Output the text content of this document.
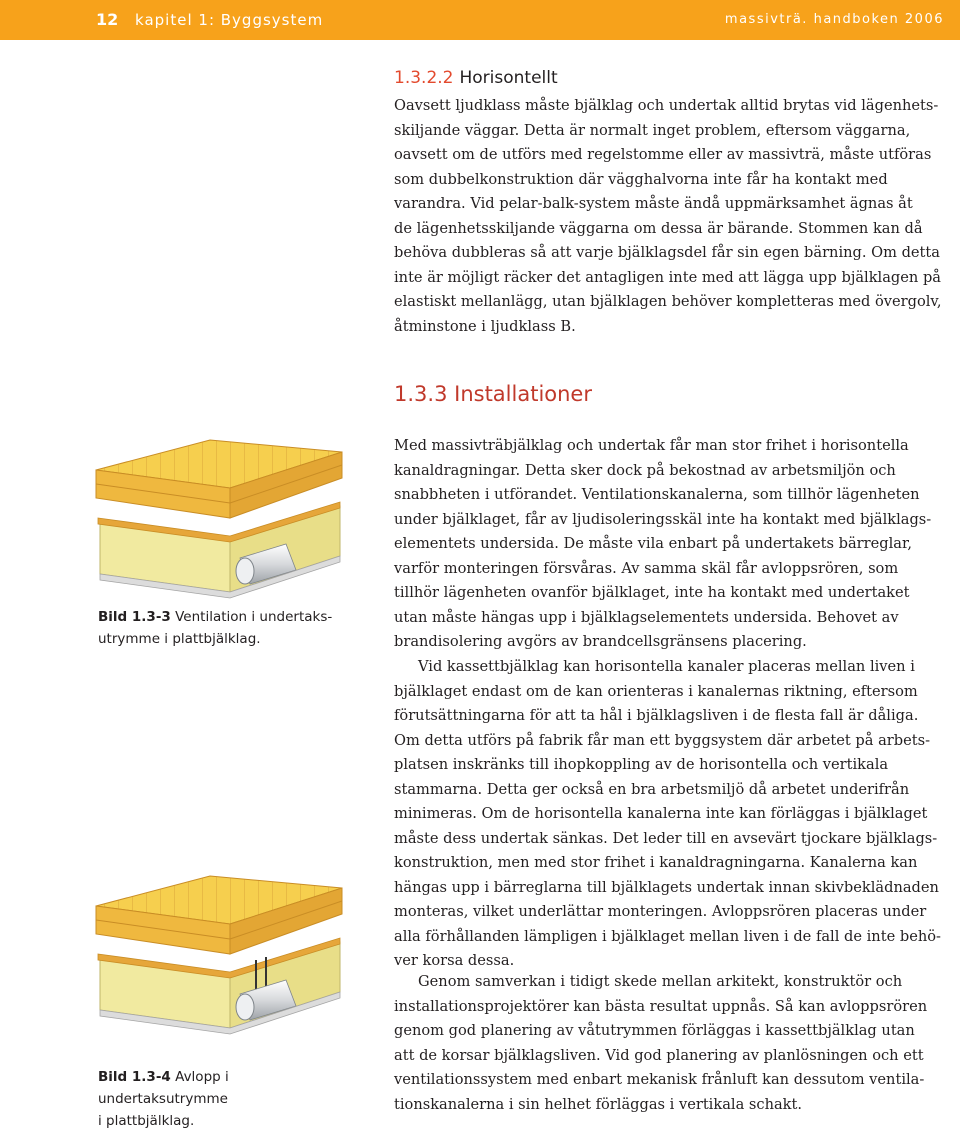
12 kapitel 1: Byggsystem	massivträ. handboken 2006
1.3.2.2 Horisontellt

Oavsett ljudklass måste bjälklag och undertak alltid brytas vid lägenhets-
skiljande väggar. Detta är normalt inget problem, eftersom väggarna,
oavsett om de utförs med regelstomme eller av massivträ, måste utföras
som dubbelkonstruktion där vägghalvorna inte får ha kontakt med
varandra. Vid pelar-balk-system måste ändå uppmärksamhet ägnas åt
de lägenhetsskiljande väggarna om dessa är bärande. Stommen kan då
behöva dubbleras så att varje bjälklagsdel får sin egen bärning. Om detta
inte är möjligt räcker det antagligen inte med att lägga upp bjälklagen på
elastiskt mellanlägg, utan bjälklagen behöver kompletteras med övergolv,
åtminstone i ljudklass B.

1.3.3 Installationer

Med massivträbjälklag och undertak får man stor frihet i horisontella
kanaldragningar. Detta sker dock på bekostnad av arbetsmiljön och
snabbheten i utförandet. Ventilationskanalerna, som tillhör lägenheten
under bjälklaget, får av ljudisoleringsskäl inte ha kontakt med bjälklags-
elementets undersida. De måste vila enbart på undertakets bärreglar,
varför monteringen försvåras. Av samma skäl får avloppsrören, som
tillhör lägenheten ovanför bjälklaget, inte ha kontakt med undertaket
utan måste hängas upp i bjälklagselementets undersida. Behovet av
brandisolering avgörs av brandcellsgränsens placering.

Vid kassettbjälklag kan horisontella kanaler placeras mellan liven i
bjälklaget endast om de kan orienteras i kanalernas riktning, eftersom
förutsättningarna för att ta hål i bjälklagsliven i de flesta fall är dåliga.
Om detta utförs på fabrik får man ett byggsystem där arbetet på arbets-
platsen inskränks till ihopkoppling av de horisontella och vertikala
stammarna. Detta ger också en bra arbetsmiljö då arbetet underifrån
minimeras. Om de horisontella kanalerna inte kan förläggas i bjälklaget
måste dess undertak sänkas. Det leder till en avsevärt tjockare bjälklags-
konstruktion, men med stor frihet i kanaldragningarna. Kanalerna kan
hängas upp i bärreglarna till bjälklagets undertak innan skivbeklädnaden
monteras, vilket underlättar monteringen. Avloppsrören placeras under
alla förhållanden lämpligen i bjälklaget mellan liven i de fall de inte behö-
ver korsa dessa.

Genom samverkan i tidigt skede mellan arkitekt, konstruktör och
installationsprojektörer kan bästa resultat uppnås. Så kan avloppsrören
genom god planering av våtutrymmen förläggas i kassettbjälklag utan
att de korsar bjälklagsliven. Vid god planering av planlösningen och ett
ventilationssystem med enbart mekanisk frånluft kan dessutom ventila-
tionskanalerna i sin helhet förläggas i vertikala schakt.

Bild 1.3-3 Ventilation i undertaks-
utrymme i plattbjälklag.
Bild 1.3-4 Avlopp i undertaksutrymme
i plattbjälklag.
